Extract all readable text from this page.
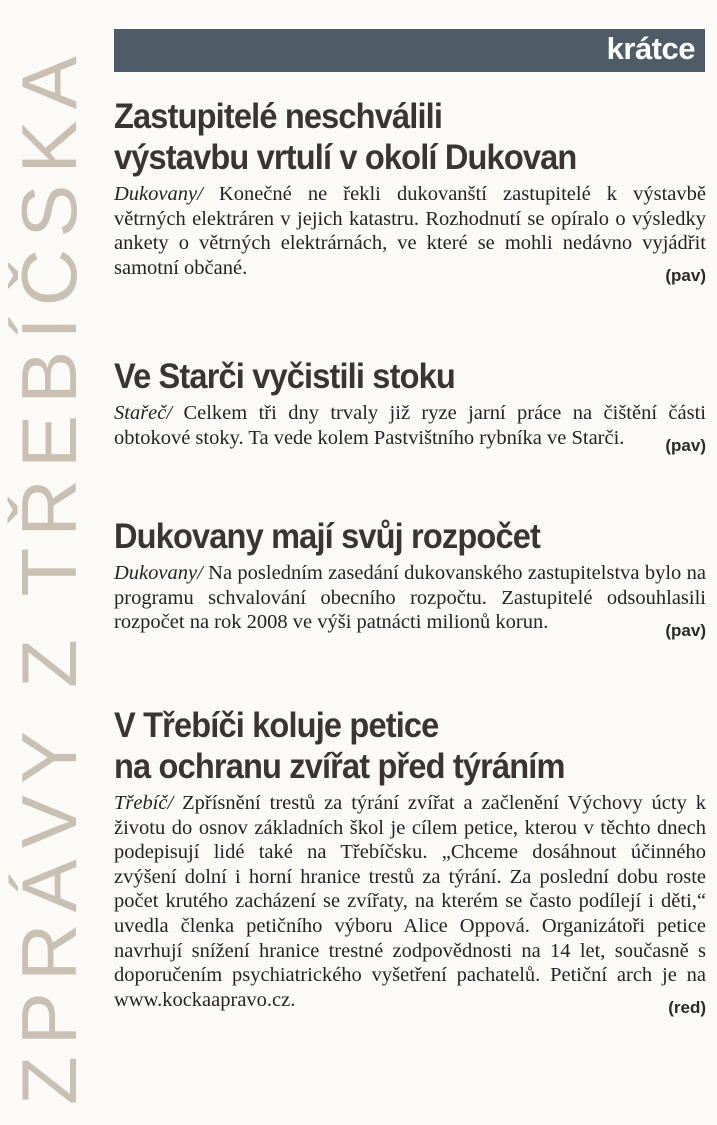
ZPRÁVY Z TŘEBÍČSKA
krátce
Zastupitelé neschválili
výstavbu vrtulí v okolí Dukovan

Dukovany/ Konečné ne řekli dukovanští zastupitelé k výstavbě větrných elektráren v jejich katastru. Rozhodnutí se opíralo o výsledky ankety o větrných elektrárnách, ve které se mohli nedávno vyjádřit samotní občané.	(pav)
Ve Starči vyčistili stoku

Stařeč/ Celkem tři dny trvaly již ryze jarní práce na čištění části obtokové stoky. Ta vede kolem Pastvištního rybníka ve Starči.	(pav)
Dukovany mají svůj rozpočet

Dukovany/ Na posledním zasedání dukovanského zastupitelstva bylo na programu schvalování obecního rozpočtu. Zastupitelé odsouhlasili rozpočet na rok 2008 ve výši patnácti milionů korun.	(pav)
V Třebíči koluje petice
na ochranu zvířat před týráním

Třebíč/ Zpřísnění trestů za týrání zvířat a začlenění Výchovy úcty k životu do osnov základních škol je cílem petice, kterou v těchto dnech podepisují lidé také na Třebíčsku. „Chceme dosáhnout účinného zvýšení dolní i horní hranice trestů za týrání. Za poslední dobu roste počet krutého zacházení se zvířaty, na kterém se často podílejí i děti,“ uvedla členka petičního výboru Alice Oppová. Organizátoři petice navrhují snížení hranice trestné zodpovědnosti na 14 let, současně s doporučením psychiatrického vyšetření pachatelů. Petiční arch je na www.kockaapravo.cz.	(red)
